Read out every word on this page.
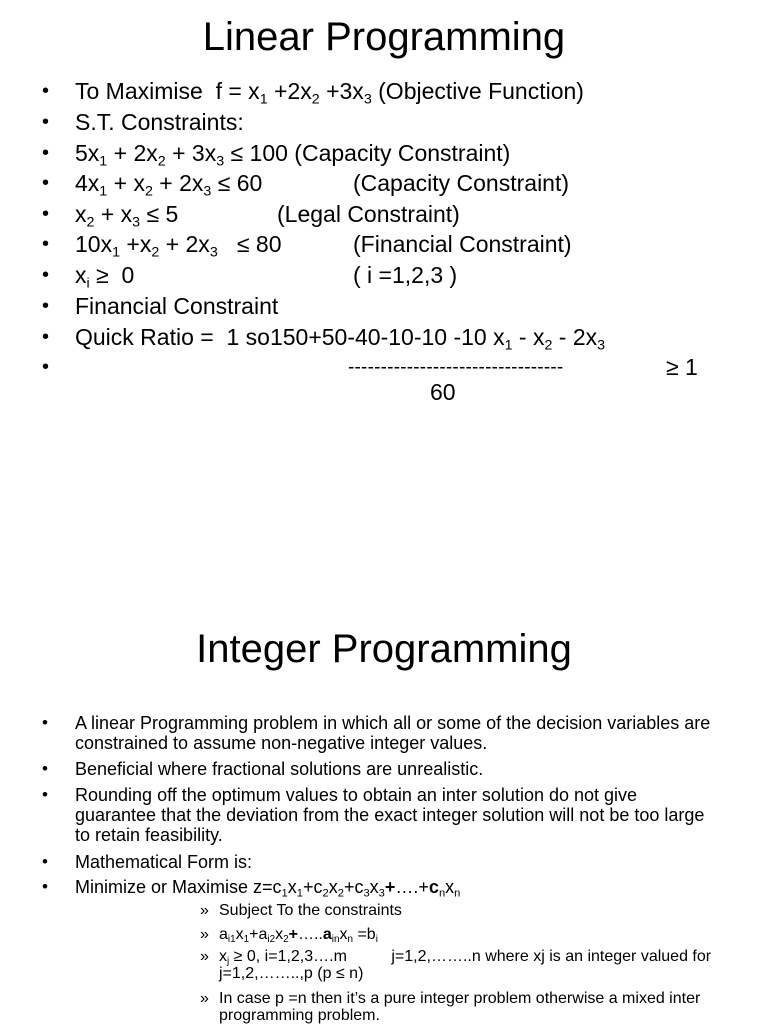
Linear Programming
• To Maximise  $f = x_1 +2x_2 +3x_3$ (Objective Function)
• S.T. Constraints:
• $5x_1 + 2x_2 + 3x_3 \le 100$ (Capacity Constraint)
• $4x_1 + x_2 + 2x_3 \le 60$
• $x_2 + x_3 \le 5$
• $10x_1 +x_2 + 2x_3 \le 80$
• $x_i \ge 0$
• Financial Constraint
• Quick Ratio =  1 so150+50-40-10-10 -10 $x_1 - x_2 - 2x_3$
•
(Capacity Constraint)
(Legal Constraint)
(Financial Constraint)
( i =1,2,3 )
---------------------------------	≥ 1
60
Integer Programming
• A linear Programming problem in which all or some of the decision variables are constrained to assume non-negative integer values.
• Beneficial where fractional solutions are unrealistic.
• Rounding off the optimum values to obtain an inter solution do not give guarantee that the deviation from the exact integer solution will not be too large to retain feasibility.
• Mathematical Form is:
• Minimize or Maximise $z=c_1x_1+c_2x_2+c_3x_3+\dots.+c_nx_n$
» Subject To the constraints
» $a_{i1}x_1+a_{i2}x_2+\dots..a_{in}x_n =b_i$
» $x_j \ge 0$, i=1,2,3….m          j=1,2,……..n where xj is an integer valued for j=1,2,……..,p (p ≤ n)
» In case p =n then it’s a pure integer problem otherwise a mixed inter programming problem.
